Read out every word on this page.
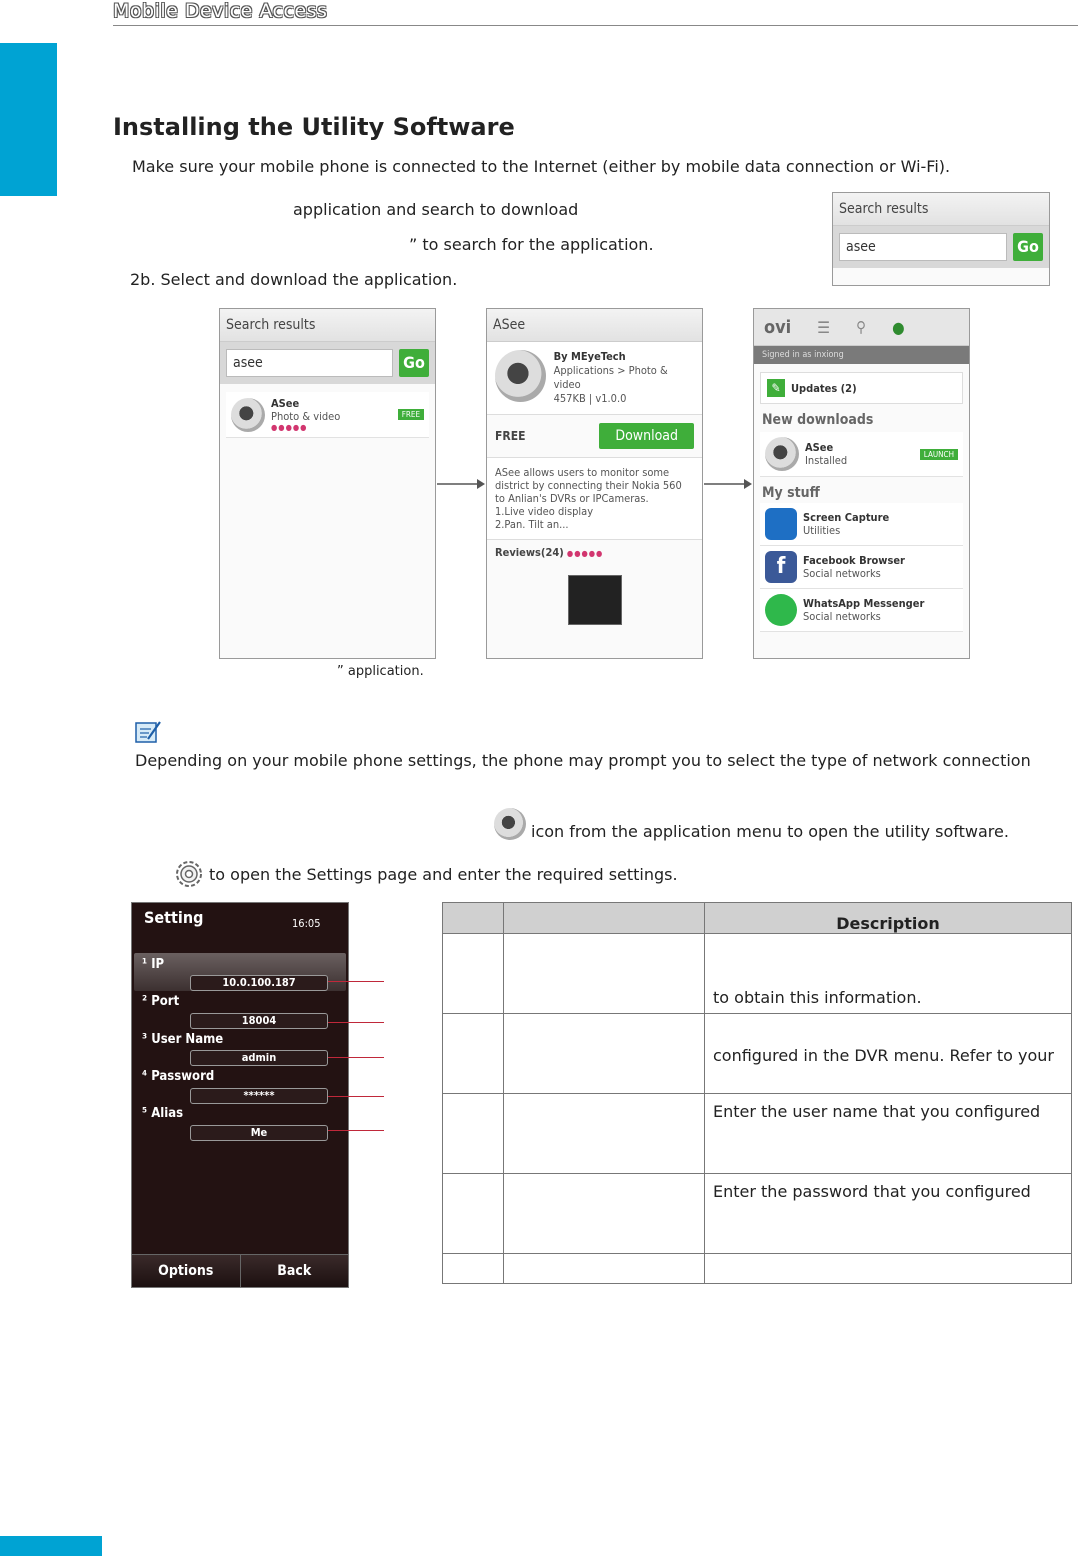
Mobile Device Access
Installing the Utility Software
Make sure your mobile phone is connected to the Internet (either by mobile data connection or Wi-Fi).
application and search to download
” to search for the application.
2b. Select and download the application.
Search results
asee	Go
Search results
asee	Go
ASee
Photo & video
●●●●●
FREE
ASee
By MEyeTech
Applications > Photo & video
457KB | v1.0.0
FREE	Download
ASee allows users to monitor some district by connecting their Nokia 560 to Anlian's DVRs or IPCameras.
1.Live video display
2.Pan. Tilt an...
Reviews(24) ●●●●●
ovi ☰ ⚲ ●
Signed in as inxiong
✎ Updates (2)
New downloads
ASee
Installed	LAUNCH
My stuff
Screen Capture
Utilities
f	Facebook Browser
Social networks
WhatsApp Messenger
Social networks
” application.
Depending on your mobile phone settings, the phone may prompt you to select the type of network connection
icon from the application menu to open the utility software.
to open the Settings page and enter the required settings.
Setting	16:05
¹ IP
10.0.100.187
² Port
18004
³ User Name
admin
⁴ Password
******
⁵ Alias
Me
Options	Back
		Description
		to obtain this information.
		configured in the DVR menu. Refer to your
		Enter the user name that you configured
		Enter the password that you configured
